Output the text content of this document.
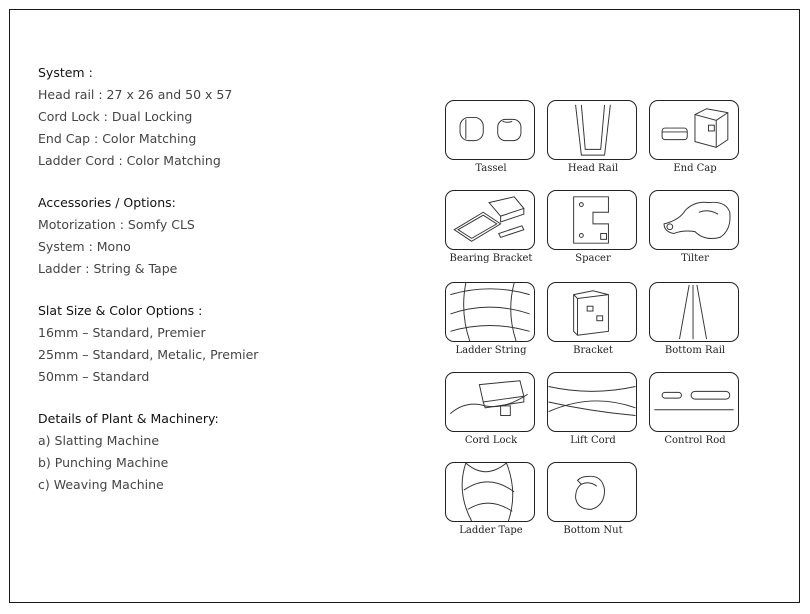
System :
Head rail : 27 x 26 and 50 x 57
Cord Lock : Dual Locking
End Cap : Color Matching
Ladder Cord : Color Matching
Accessories / Options:
Motorization : Somfy CLS
System : Mono
Ladder : String & Tape
Slat Size & Color Options :
16mm – Standard, Premier
25mm – Standard, Metalic, Premier
50mm – Standard
Details of Plant & Machinery:
a) Slatting Machine
b) Punching Machine
c) Weaving Machine
Tassel	Head Rail	End Cap
Bearing Bracket	Spacer	Tilter
Ladder String	Bracket	Bottom Rail
Cord Lock	Lift Cord	Control Rod
Ladder Tape	Bottom Nut
